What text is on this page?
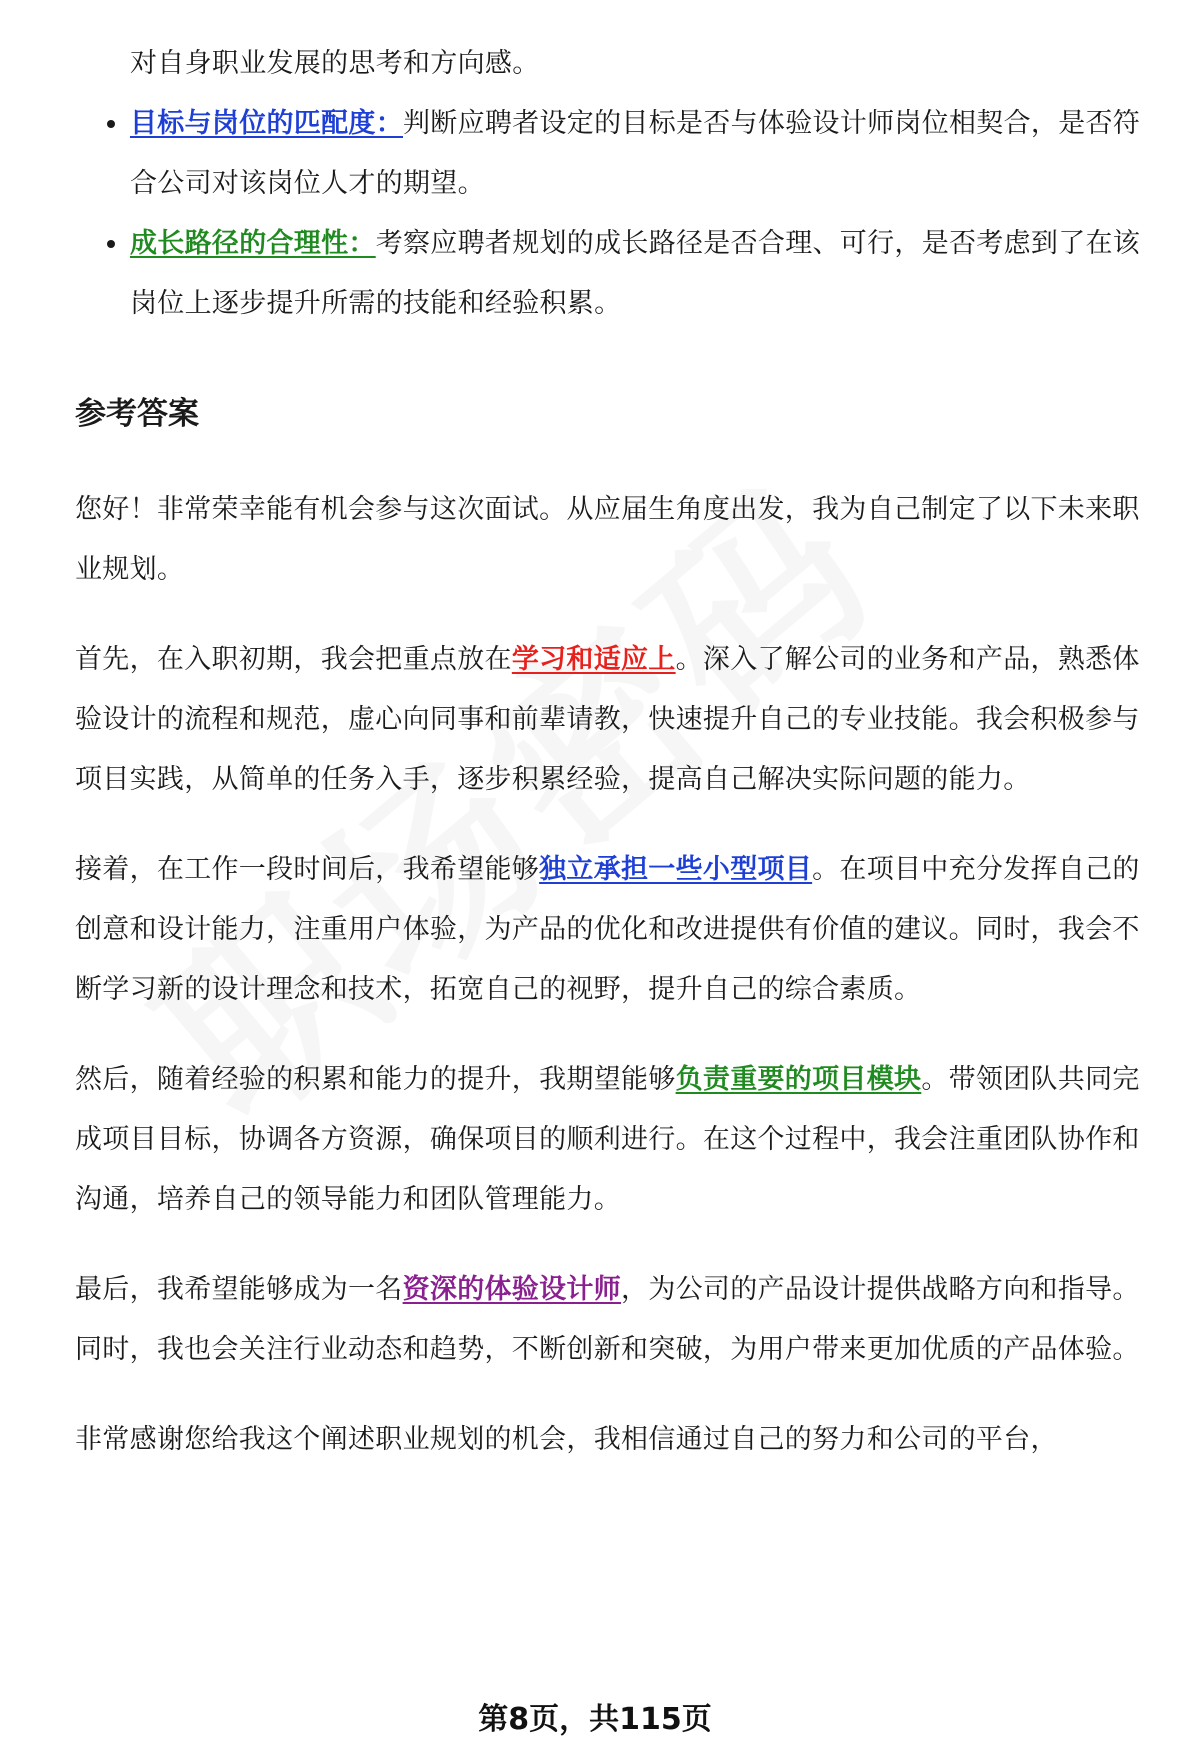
对自身职业发展的思考和方向感。
目标与岗位的匹配度：判断应聘者设定的目标是否与体验设计师岗位相契合，是否符合公司对该岗位人才的期望。
成长路径的合理性：考察应聘者规划的成长路径是否合理、可行，是否考虑到了在该岗位上逐步提升所需的技能和经验积累。
参考答案

您好！非常荣幸能有机会参与这次面试。从应届生角度出发，我为自己制定了以下未来职业规划。

首先，在入职初期，我会把重点放在学习和适应上。深入了解公司的业务和产品，熟悉体验设计的流程和规范，虚心向同事和前辈请教，快速提升自己的专业技能。我会积极参与项目实践，从简单的任务入手，逐步积累经验，提高自己解决实际问题的能力。

接着，在工作一段时间后，我希望能够独立承担一些小型项目。在项目中充分发挥自己的创意和设计能力，注重用户体验，为产品的优化和改进提供有价值的建议。同时，我会不断学习新的设计理念和技术，拓宽自己的视野，提升自己的综合素质。

然后，随着经验的积累和能力的提升，我期望能够负责重要的项目模块。带领团队共同完成项目目标，协调各方资源，确保项目的顺利进行。在这个过程中，我会注重团队协作和沟通，培养自己的领导能力和团队管理能力。

最后，我希望能够成为一名资深的体验设计师，为公司的产品设计提供战略方向和指导。同时，我也会关注行业动态和趋势，不断创新和突破，为用户带来更加优质的产品体验。

非常感谢您给我这个阐述职业规划的机会，我相信通过自己的努力和公司的平台，

第8页，共115页
